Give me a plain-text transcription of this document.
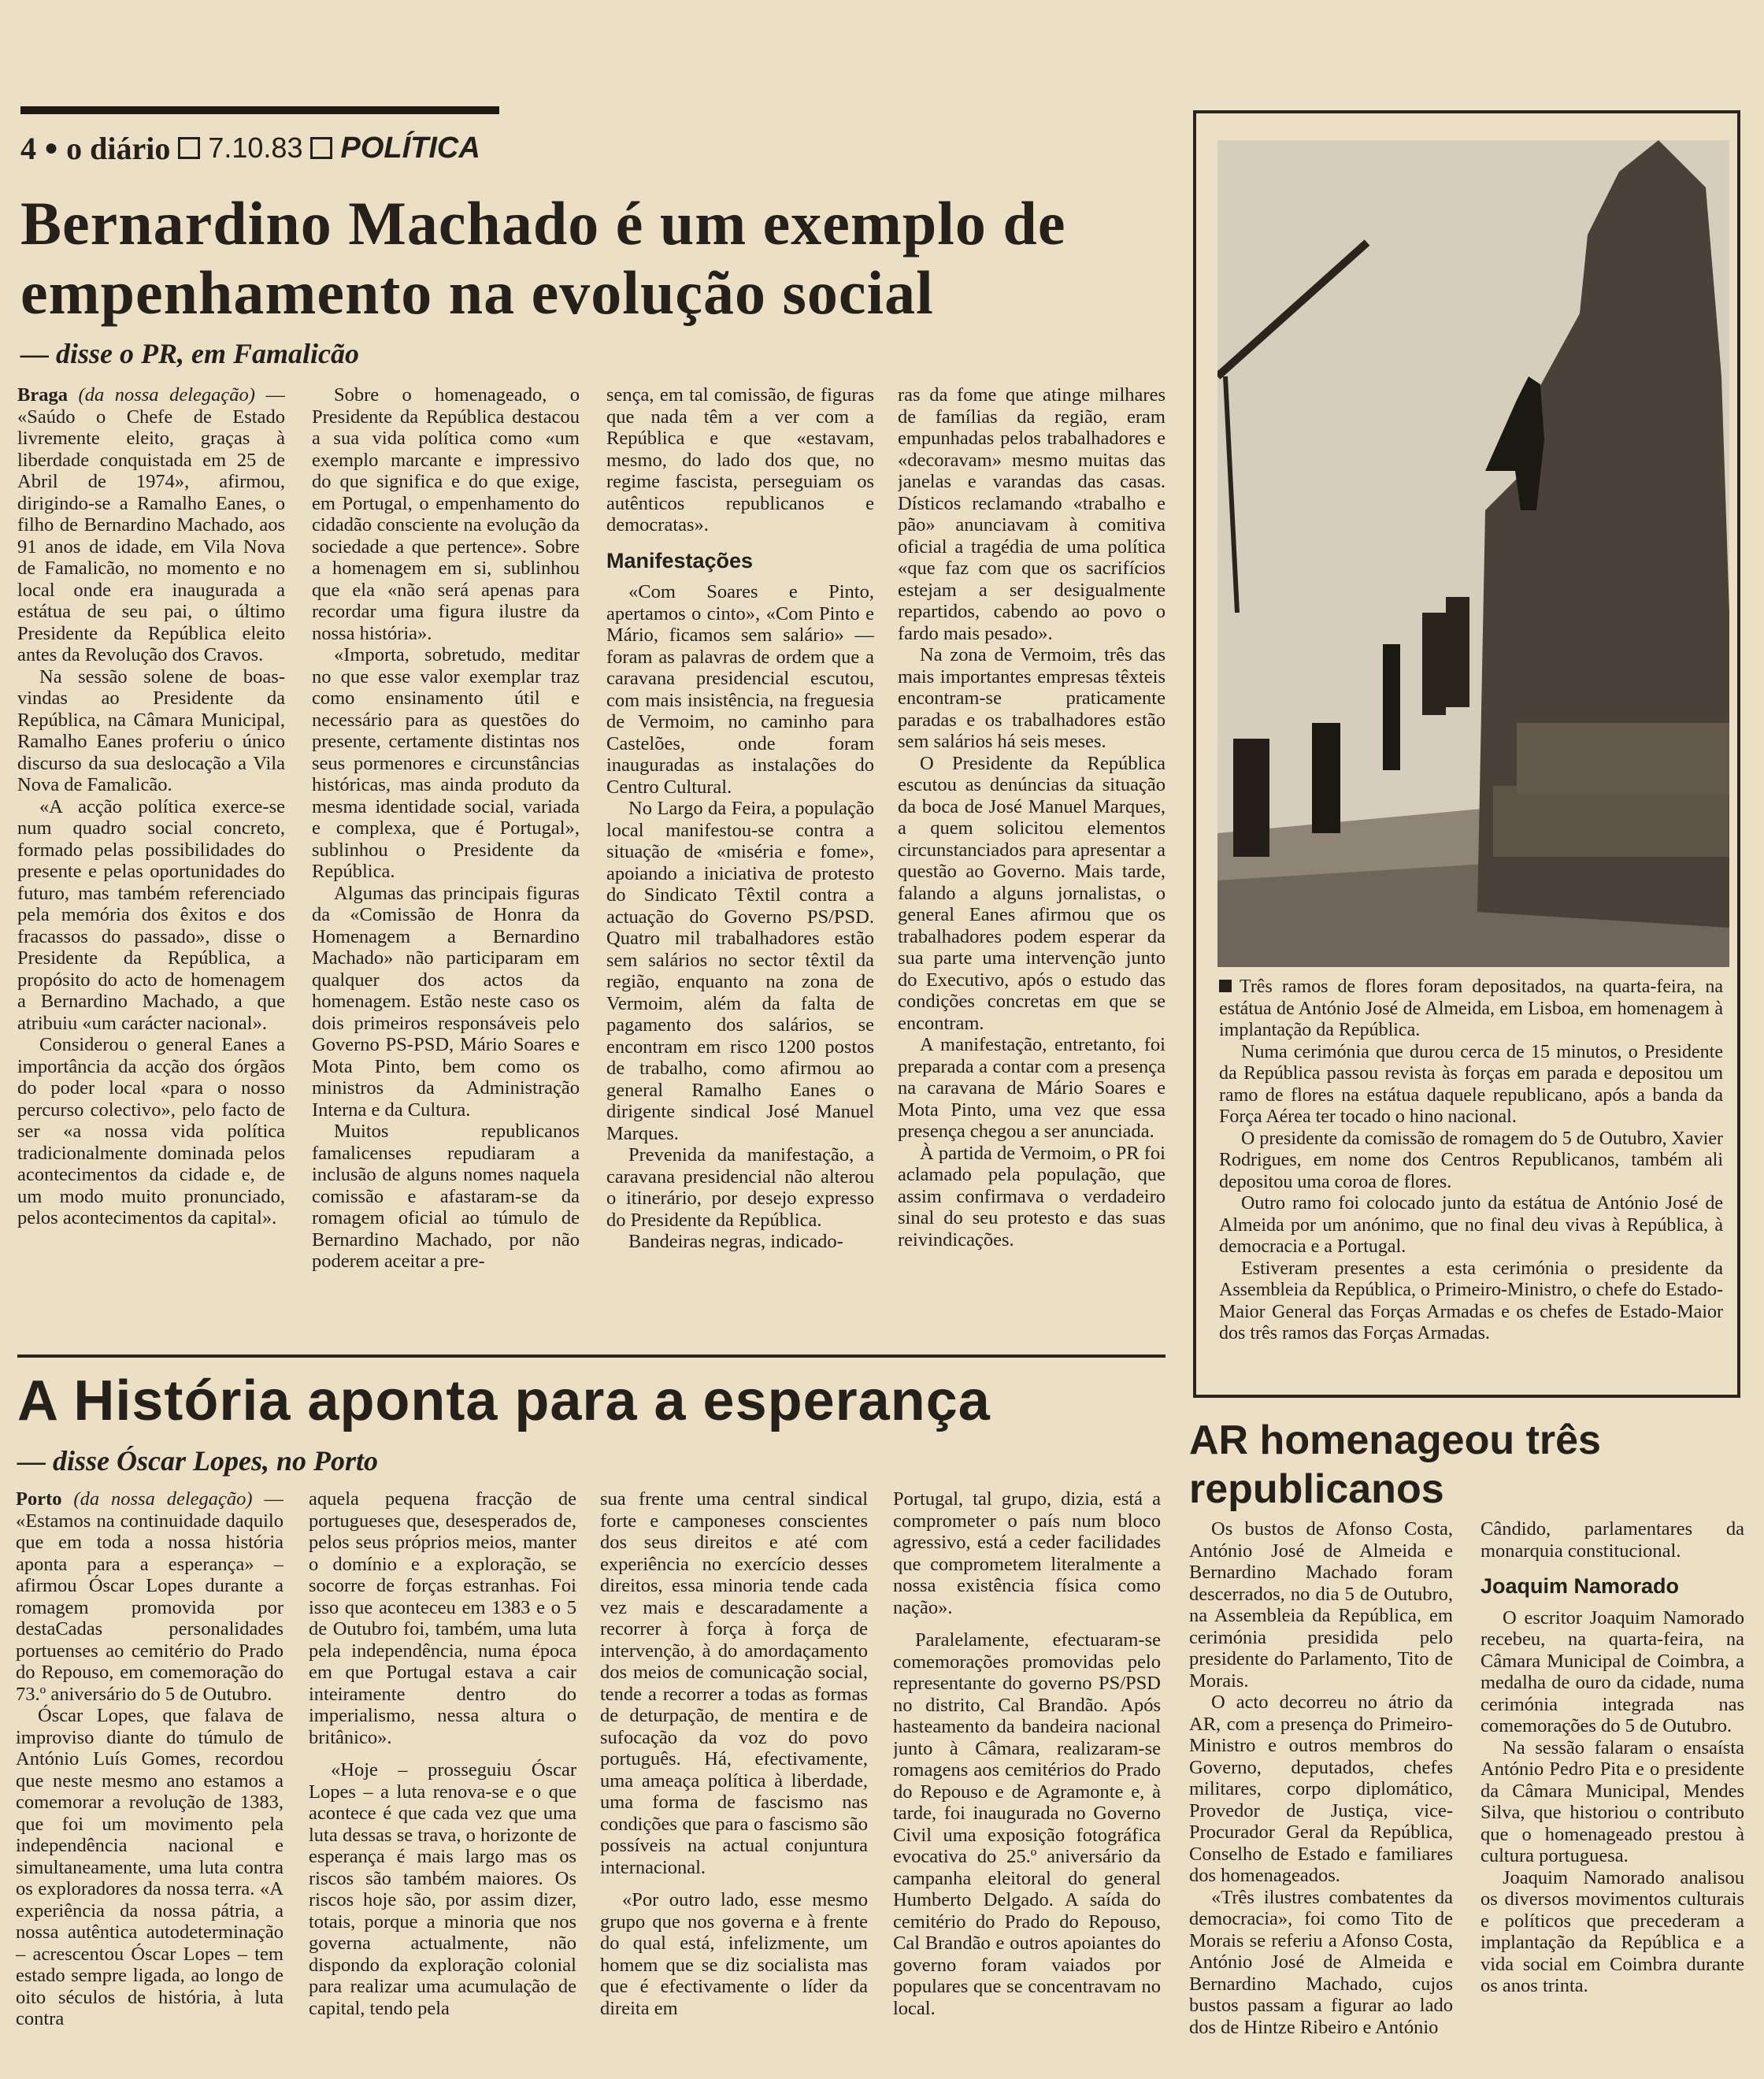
4 ● o diário 7.10.83 POLÍTICA
Bernardino Machado é um exemplo de empenhamento na evolução social
— disse o PR, em Famalicão

Braga (da nossa delegação) — «Saúdo o Chefe de Estado livremente eleito, graças à liberdade conquistada em 25 de Abril de 1974», afirmou, dirigindo-se a Ramalho Eanes, o filho de Bernardino Machado, aos 91 anos de idade, em Vila Nova de Famalicão, no momento e no local onde era inaugurada a estátua de seu pai, o último Presidente da República eleito antes da Revolução dos Cravos.

Na sessão solene de boas-vindas ao Presidente da República, na Câmara Municipal, Ramalho Eanes proferiu o único discurso da sua deslocação a Vila Nova de Famalicão.

«A acção política exerce-se num quadro social concreto, formado pelas possibilidades do presente e pelas oportunidades do futuro, mas também referenciado pela memória dos êxitos e dos fracassos do passado», disse o Presidente da República, a propósito do acto de homenagem a Bernardino Machado, a que atribuiu «um carácter nacional».

Considerou o general Eanes a importância da acção dos órgãos do poder local «para o nosso percurso colectivo», pelo facto de ser «a nossa vida política tradicionalmente dominada pelos acontecimentos da cidade e, de um modo muito pronunciado, pelos acontecimentos da capital».

Sobre o homenageado, o Presidente da República destacou a sua vida política como «um exemplo marcante e impressivo do que significa e do que exige, em Portugal, o empenhamento do cidadão consciente na evolução da sociedade a que pertence». Sobre a homenagem em si, sublinhou que ela «não será apenas para recordar uma figura ilustre da nossa história».

«Importa, sobretudo, meditar no que esse valor exemplar traz como ensinamento útil e necessário para as questões do presente, certamente distintas nos seus pormenores e circunstâncias históricas, mas ainda produto da mesma identidade social, variada e complexa, que é Portugal», sublinhou o Presidente da República.

Algumas das principais figuras da «Comissão de Honra da Homenagem a Bernardino Machado» não participaram em qualquer dos actos da homenagem. Estão neste caso os dois primeiros responsáveis pelo Governo PS-PSD, Mário Soares e Mota Pinto, bem como os ministros da Administração Interna e da Cultura.

Muitos republicanos famalicenses repudiaram a inclusão de alguns nomes naquela comissão e afastaram-se da romagem oficial ao túmulo de Bernardino Machado, por não poderem aceitar a pre-

sença, em tal comissão, de figuras que nada têm a ver com a República e que «estavam, mesmo, do lado dos que, no regime fascista, perseguiam os autênticos republicanos e democratas».

Manifestações

«Com Soares e Pinto, apertamos o cinto», «Com Pinto e Mário, ficamos sem salário» — foram as palavras de ordem que a caravana presidencial escutou, com mais insistência, na freguesia de Vermoim, no caminho para Castelões, onde foram inauguradas as instalações do Centro Cultural.

No Largo da Feira, a população local manifestou-se contra a situação de «miséria e fome», apoiando a iniciativa de protesto do Sindicato Têxtil contra a actuação do Governo PS/PSD. Quatro mil trabalhadores estão sem salários no sector têxtil da região, enquanto na zona de Vermoim, além da falta de pagamento dos salários, se encontram em risco 1200 postos de trabalho, como afirmou ao general Ramalho Eanes o dirigente sindical José Manuel Marques.

Prevenida da manifestação, a caravana presidencial não alterou o itinerário, por desejo expresso do Presidente da República.

Bandeiras negras, indicado-

ras da fome que atinge milhares de famílias da região, eram empunhadas pelos trabalhadores e «decoravam» mesmo muitas das janelas e varandas das casas. Dísticos reclamando «trabalho e pão» anunciavam à comitiva oficial a tragédia de uma política «que faz com que os sacrifícios estejam a ser desigualmente repartidos, cabendo ao povo o fardo mais pesado».

Na zona de Vermoim, três das mais importantes empresas têxteis encontram-se praticamente paradas e os trabalhadores estão sem salários há seis meses.

O Presidente da República escutou as denúncias da situação da boca de José Manuel Marques, a quem solicitou elementos circunstanciados para apresentar a questão ao Governo. Mais tarde, falando a alguns jornalistas, o general Eanes afirmou que os trabalhadores podem esperar da sua parte uma intervenção junto do Executivo, após o estudo das condições concretas em que se encontram.

A manifestação, entretanto, foi preparada a contar com a presença na caravana de Mário Soares e Mota Pinto, uma vez que essa presença chegou a ser anunciada.

À partida de Vermoim, o PR foi aclamado pela população, que assim confirmava o verdadeiro sinal do seu protesto e das suas reivindicações.

Três ramos de flores foram depositados, na quarta-feira, na estátua de António José de Almeida, em Lisboa, em homenagem à implantação da República.

Numa cerimónia que durou cerca de 15 minutos, o Presidente da República passou revista às forças em parada e depositou um ramo de flores na estátua daquele republicano, após a banda da Força Aérea ter tocado o hino nacional.

O presidente da comissão de romagem do 5 de Outubro, Xavier Rodrigues, em nome dos Centros Republicanos, também ali depositou uma coroa de flores.

Outro ramo foi colocado junto da estátua de António José de Almeida por um anónimo, que no final deu vivas à República, à democracia e a Portugal.

Estiveram presentes a esta cerimónia o presidente da Assembleia da República, o Primeiro-Ministro, o chefe do Estado-Maior General das Forças Armadas e os chefes de Estado-Maior dos três ramos das Forças Armadas.

A História aponta para a esperança
— disse Óscar Lopes, no Porto

Porto (da nossa delegação) — «Estamos na continuidade daquilo que em toda a nossa história aponta para a esperança» – afirmou Óscar Lopes durante a romagem promovida por destaCadas personalidades portuenses ao cemitério do Prado do Repouso, em comemoração do 73.º aniversário do 5 de Outubro.

Óscar Lopes, que falava de improviso diante do túmulo de António Luís Gomes, recordou que neste mesmo ano estamos a comemorar a revolução de 1383, que foi um movimento pela independência nacional e simultaneamente, uma luta contra os exploradores da nossa terra. «A experiência da nossa pátria, a nossa autêntica autodeterminação – acrescentou Óscar Lopes – tem estado sempre ligada, ao longo de oito séculos de história, à luta contra

aquela pequena fracção de portugueses que, desesperados de, pelos seus próprios meios, manter o domínio e a exploração, se socorre de forças estranhas. Foi isso que aconteceu em 1383 e o 5 de Outubro foi, também, uma luta pela independência, numa época em que Portugal estava a cair inteiramente dentro do imperialismo, nessa altura o britânico».

«Hoje – prosseguiu Óscar Lopes – a luta renova-se e o que acontece é que cada vez que uma luta dessas se trava, o horizonte de esperança é mais largo mas os riscos são também maiores. Os riscos hoje são, por assim dizer, totais, porque a minoria que nos governa actualmente, não dispondo da exploração colonial para realizar uma acumulação de capital, tendo pela

sua frente uma central sindical forte e camponeses conscientes dos seus direitos e até com experiência no exercício desses direitos, essa minoria tende cada vez mais e descaradamente a recorrer à força à força de intervenção, à do amordaçamento dos meios de comunicação social, tende a recorrer a todas as formas de deturpação, de mentira e de sufocação da voz do povo português. Há, efectivamente, uma ameaça política à liberdade, uma forma de fascismo nas condições que para o fascismo são possíveis na actual conjuntura internacional.

«Por outro lado, esse mesmo grupo que nos governa e à frente do qual está, infelizmente, um homem que se diz socialista mas que é efectivamente o líder da direita em

Portugal, tal grupo, dizia, está a comprometer o país num bloco agressivo, está a ceder facilidades que comprometem literalmente a nossa existência física como nação».

Paralelamente, efectuaram-se comemorações promovidas pelo representante do governo PS/PSD no distrito, Cal Brandão. Após hasteamento da bandeira nacional junto à Câmara, realizaram-se romagens aos cemitérios do Prado do Repouso e de Agramonte e, à tarde, foi inaugurada no Governo Civil uma exposição fotográfica evocativa do 25.º aniversário da campanha eleitoral do general Humberto Delgado. A saída do cemitério do Prado do Repouso, Cal Brandão e outros apoiantes do governo foram vaiados por populares que se concentravam no local.

AR homenageou três republicanos

Os bustos de Afonso Costa, António José de Almeida e Bernardino Machado foram descerrados, no dia 5 de Outubro, na Assembleia da República, em cerimónia presidida pelo presidente do Parlamento, Tito de Morais.

O acto decorreu no átrio da AR, com a presença do Primeiro-Ministro e outros membros do Governo, deputados, chefes militares, corpo diplomático, Provedor de Justiça, vice-Procurador Geral da República, Conselho de Estado e familiares dos homenageados.

«Três ilustres combatentes da democracia», foi como Tito de Morais se referiu a Afonso Costa, António José de Almeida e Bernardino Machado, cujos bustos passam a figurar ao lado dos de Hintze Ribeiro e António

Cândido, parlamentares da monarquia constitucional.

Joaquim Namorado

O escritor Joaquim Namorado recebeu, na quarta-feira, na Câmara Municipal de Coimbra, a medalha de ouro da cidade, numa cerimónia integrada nas comemorações do 5 de Outubro.

Na sessão falaram o ensaísta António Pedro Pita e o presidente da Câmara Municipal, Mendes Silva, que historiou o contributo que o homenageado prestou à cultura portuguesa.

Joaquim Namorado analisou os diversos movimentos culturais e políticos que precederam a implantação da República e a vida social em Coimbra durante os anos trinta.
